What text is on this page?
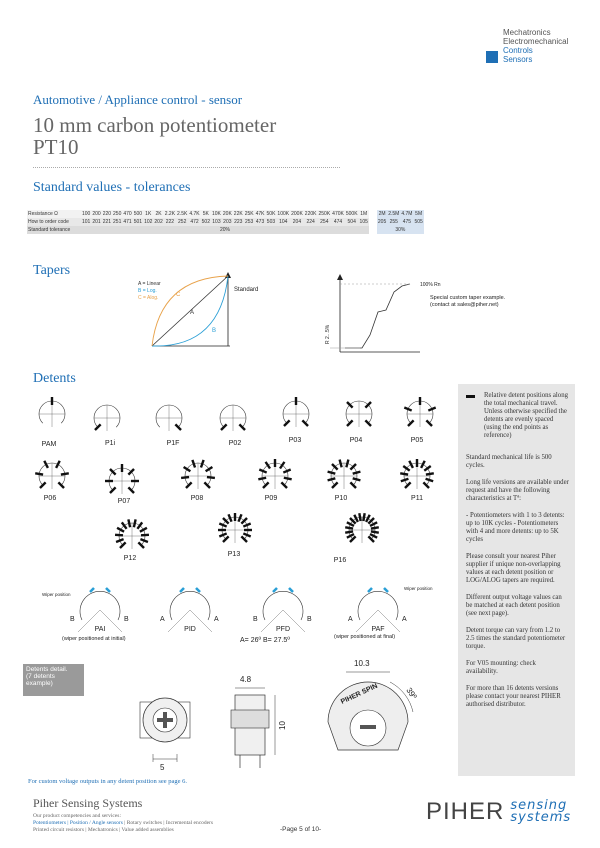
Mechatronics
Electromechanical
Controls
Sensors
Automotive / Appliance control - sensor
10 mm carbon potentiometer
PT10
Standard values - tolerances
Resistance Ω	100	200	220	250	470	500	1K	2K	2.2K	2.5K	4.7K	5K	10K	20K	22K	25K	47K	50K	100K	200K	220K	250K	470K	500K	1M		2M	2.5M	4.7M	5M
How to order code	101	201	221	251	471	501	102	202	222	252	472	502	103	203	223	253	473	503	104	204	224	254	474	504	105		205	255	475	505
Standard tolerance	20%																										30%			
Tapers
A = Linear
B = Log.
C = Alog.
A
B
C
Standard
100% Rn
R 2...5%
Special custom taper example.
(contact at sales@piher.net)
Detents
PAM	P1i	P1F	P02	P03	P04	P05
P06	P07	P08	P09	P10	P11
P12
P13
P16
PAI
B	B
PID
A	A
PFD
B	B
PAF
A	A
Wiper position
Wiper position
(wiper positioned at initial)	(wiper positioned at final)
A= 26º B= 27.5º
Detents detail.
(7 detents
example)
5
4.8
10
PIHER SPIN
10.3
39º

Relative detent positions along the total mechanical travel. Unless otherwise specified the detents are evenly spaced (using the end points as reference)

Standard mechanical life is 500 cycles.

Long life versions are available under request and have the following characteristics at Tª:

- Potentiometers with 1 to 3 detents: up to 10K cycles - Potentiometers with 4 and more detents: up to 5K cycles

Please consult your nearest Piher supplier if unique non-overlapping values at each detent position or LOG/ALOG tapers are required.

Different output voltage values can be matched at each detent position (see next page).

Detent torque can vary from 1.2 to 2.5 times the standard potentiometer torque.

For V05 mounting: check availability.

For more than 16 detents versions please contact your nearest PIHER authorised distributor.

For custom voltage outputs in any detent position see page 6.
Piher Sensing Systems
Our product competencies and services:
Potentiometers | Position / Angle sensors | Rotary switches | Incremental encoders
Printed circuit resistors | Mechatronics | Value added assemblies	-Page 5 of 10-
PIHER sensing
systems
